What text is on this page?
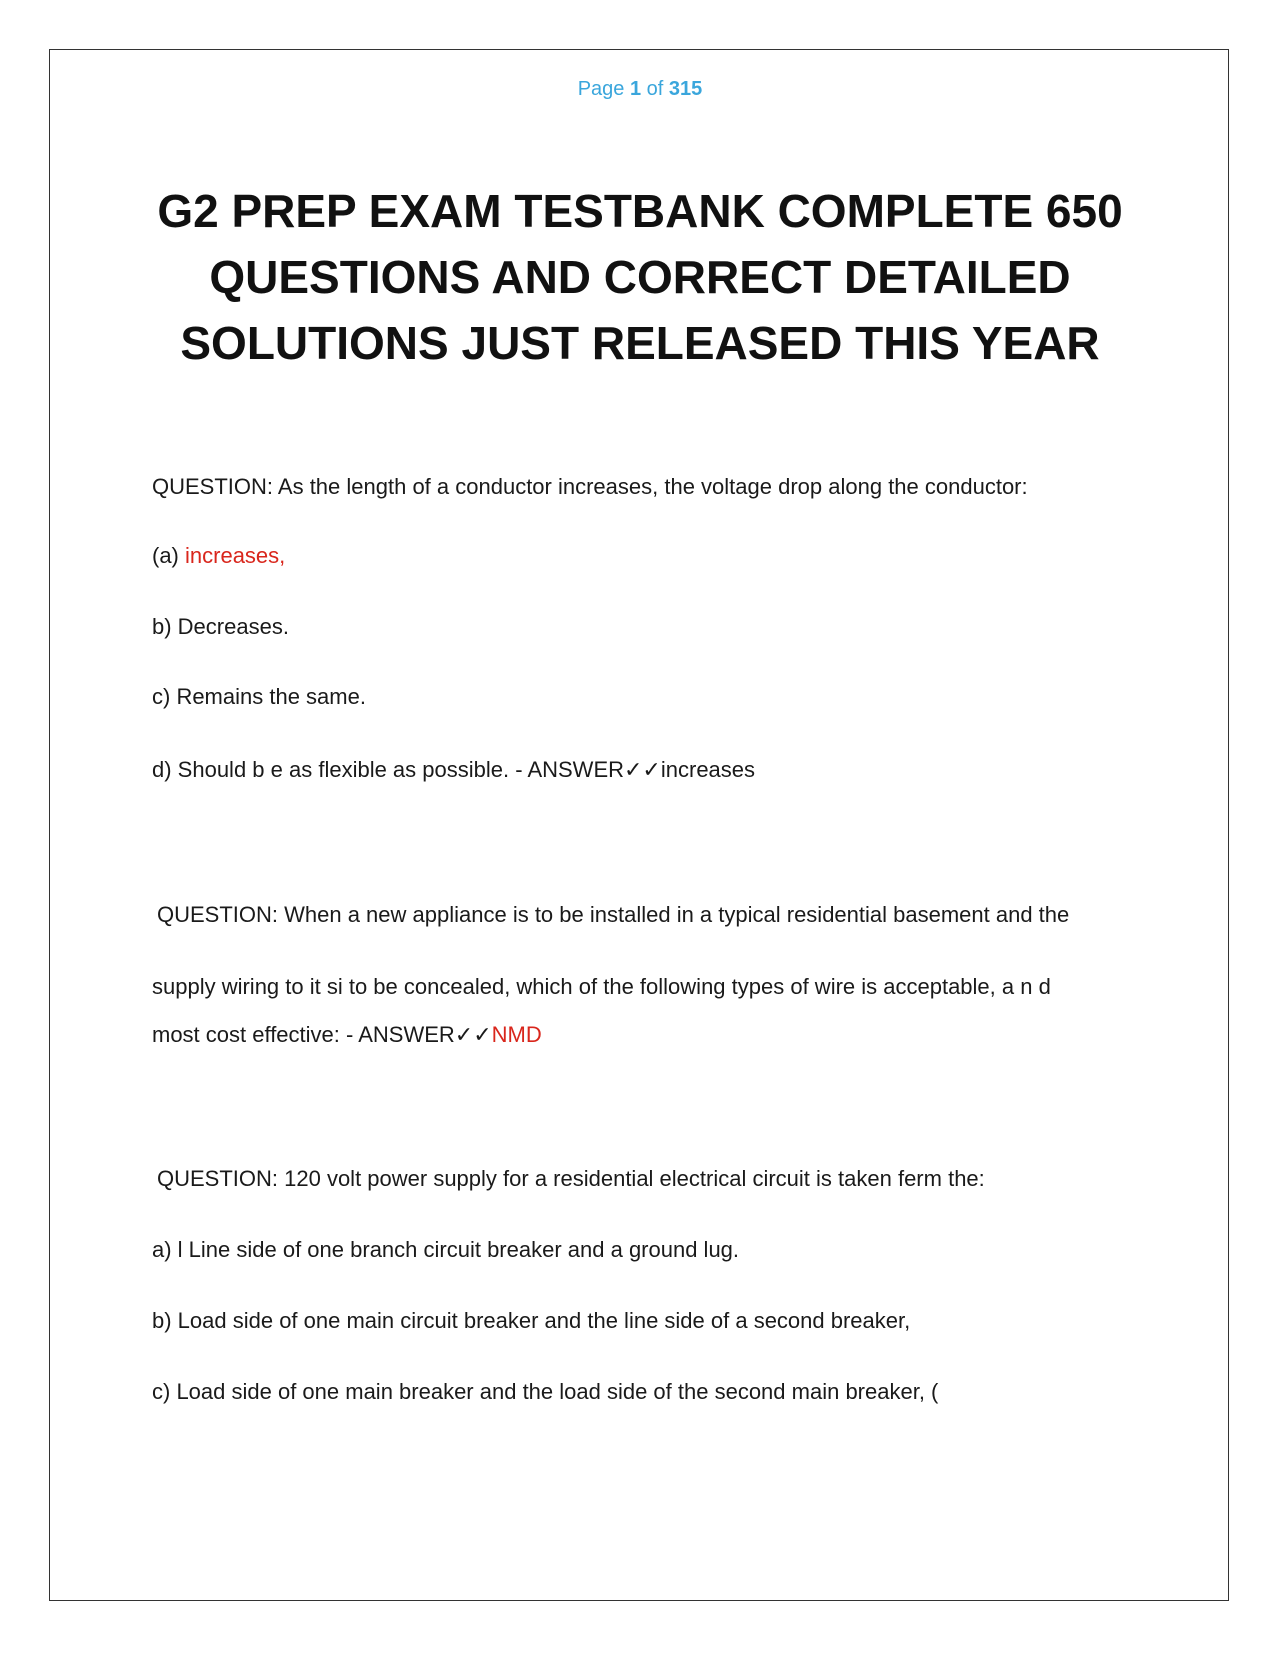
Page 1 of 315
G2 PREP EXAM TESTBANK COMPLETE 650
QUESTIONS AND CORRECT DETAILED
SOLUTIONS JUST RELEASED THIS YEAR
QUESTION: As the length of a conductor increases, the voltage drop along the conductor:
(a) increases,
b) Decreases.
c) Remains the same.
d) Should b e as flexible as possible. - ANSWER✓✓increases
QUESTION: When a new appliance is to be installed in a typical residential basement and the
supply wiring to it si to be concealed, which of the following types of wire is acceptable, a n d
most cost effective: - ANSWER✓✓NMD
QUESTION: 120 volt power supply for a residential electrical circuit is taken ferm the:
a) l Line side of one branch circuit breaker and a ground lug.
b) Load side of one main circuit breaker and the line side of a second breaker,
c) Load side of one main breaker and the load side of the second main breaker, (
